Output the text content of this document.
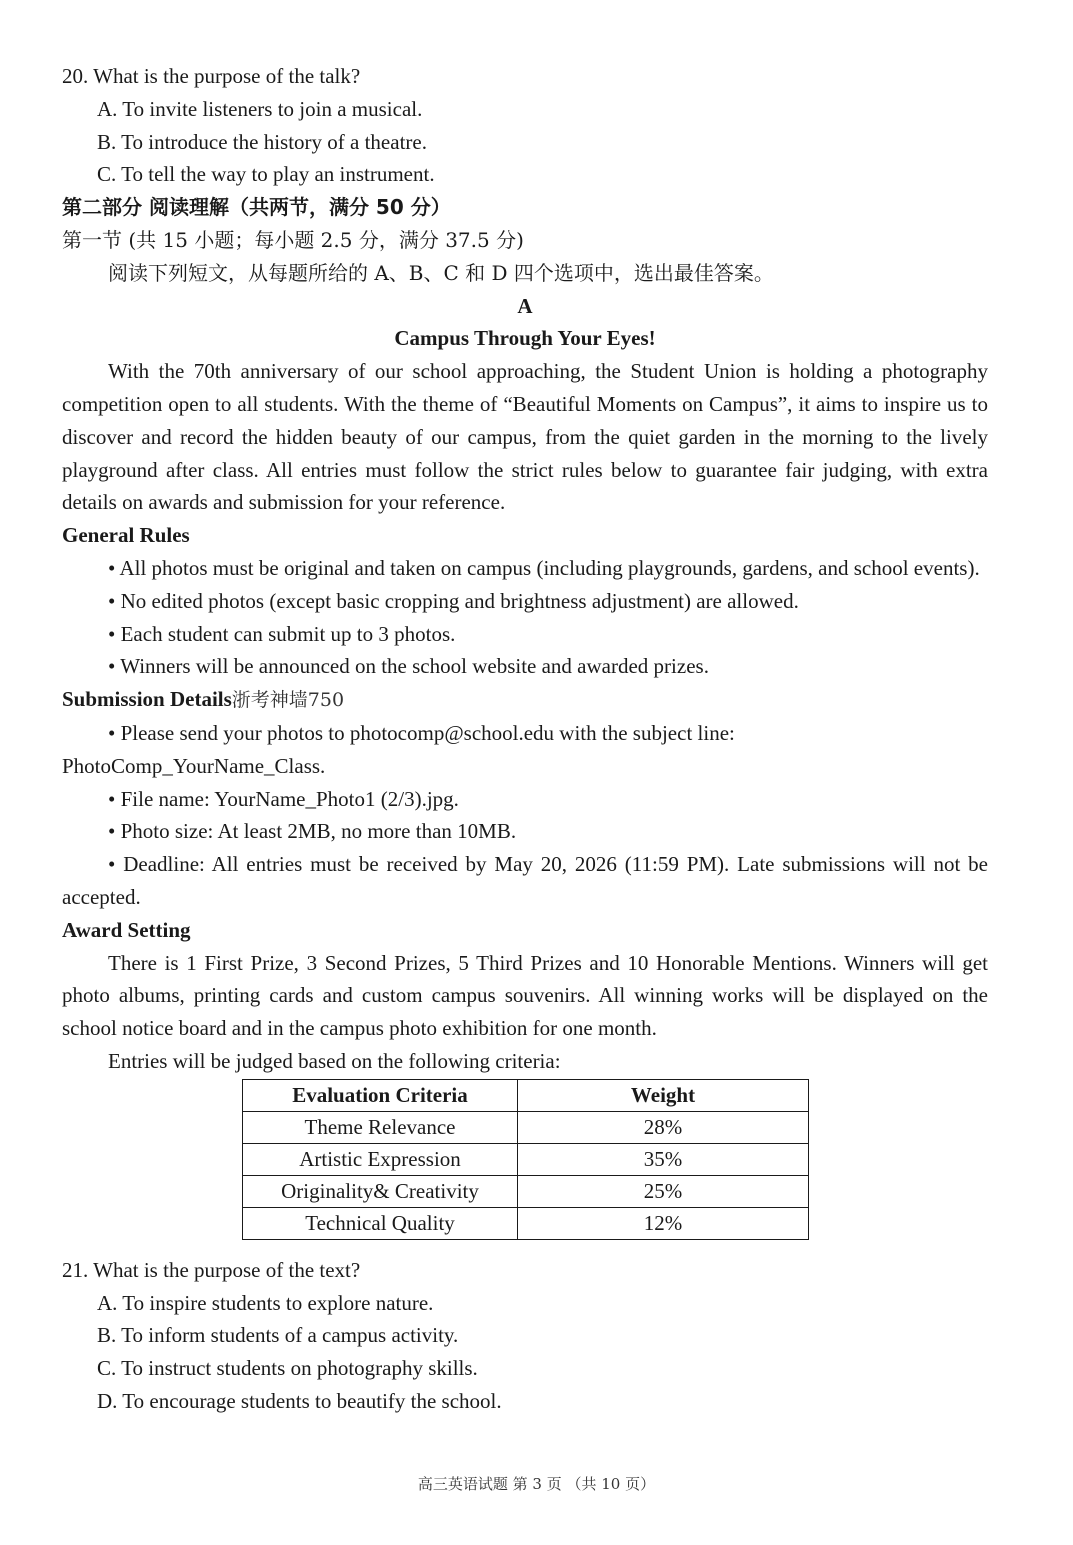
20. What is the purpose of the talk?
A. To invite listeners to join a musical.
B. To introduce the history of a theatre.
C. To tell the way to play an instrument.
第二部分 阅读理解（共两节，满分 50 分）
第一节 (共 15 小题；每小题 2.5 分，满分 37.5 分)
阅读下列短文，从每题所给的 A、B、C 和 D 四个选项中，选出最佳答案。
A
Campus Through Your Eyes!
With the 70th anniversary of our school approaching, the Student Union is holding a photography competition open to all students. With the theme of “Beautiful Moments on Campus”, it aims to inspire us to discover and record the hidden beauty of our campus, from the quiet garden in the morning to the lively playground after class. All entries must follow the strict rules below to guarantee fair judging, with extra details on awards and submission for your reference.
General Rules
• All photos must be original and taken on campus (including playgrounds, gardens, and school events).
• No edited photos (except basic cropping and brightness adjustment) are allowed.
• Each student can submit up to 3 photos.
• Winners will be announced on the school website and awarded prizes.
Submission Details浙考神墙750
• Please send your photos to photocomp@school.edu with the subject line: PhotoComp_YourName_Class.
• File name: YourName_Photo1 (2/3).jpg.
• Photo size: At least 2MB, no more than 10MB.
• Deadline: All entries must be received by May 20, 2026 (11:59 PM). Late submissions will not be accepted.
Award Setting
There is 1 First Prize, 3 Second Prizes, 5 Third Prizes and 10 Honorable Mentions. Winners will get photo albums, printing cards and custom campus souvenirs. All winning works will be displayed on the school notice board and in the campus photo exhibition for one month.
Entries will be judged based on the following criteria:
Evaluation Criteria	Weight
Theme Relevance	28%
Artistic Expression	35%
Originality& Creativity	25%
Technical Quality	12%
21. What is the purpose of the text?
A. To inspire students to explore nature.
B. To inform students of a campus activity.
C. To instruct students on photography skills.
D. To encourage students to beautify the school.
高三英语试题 第 3 页 （共 10 页）
